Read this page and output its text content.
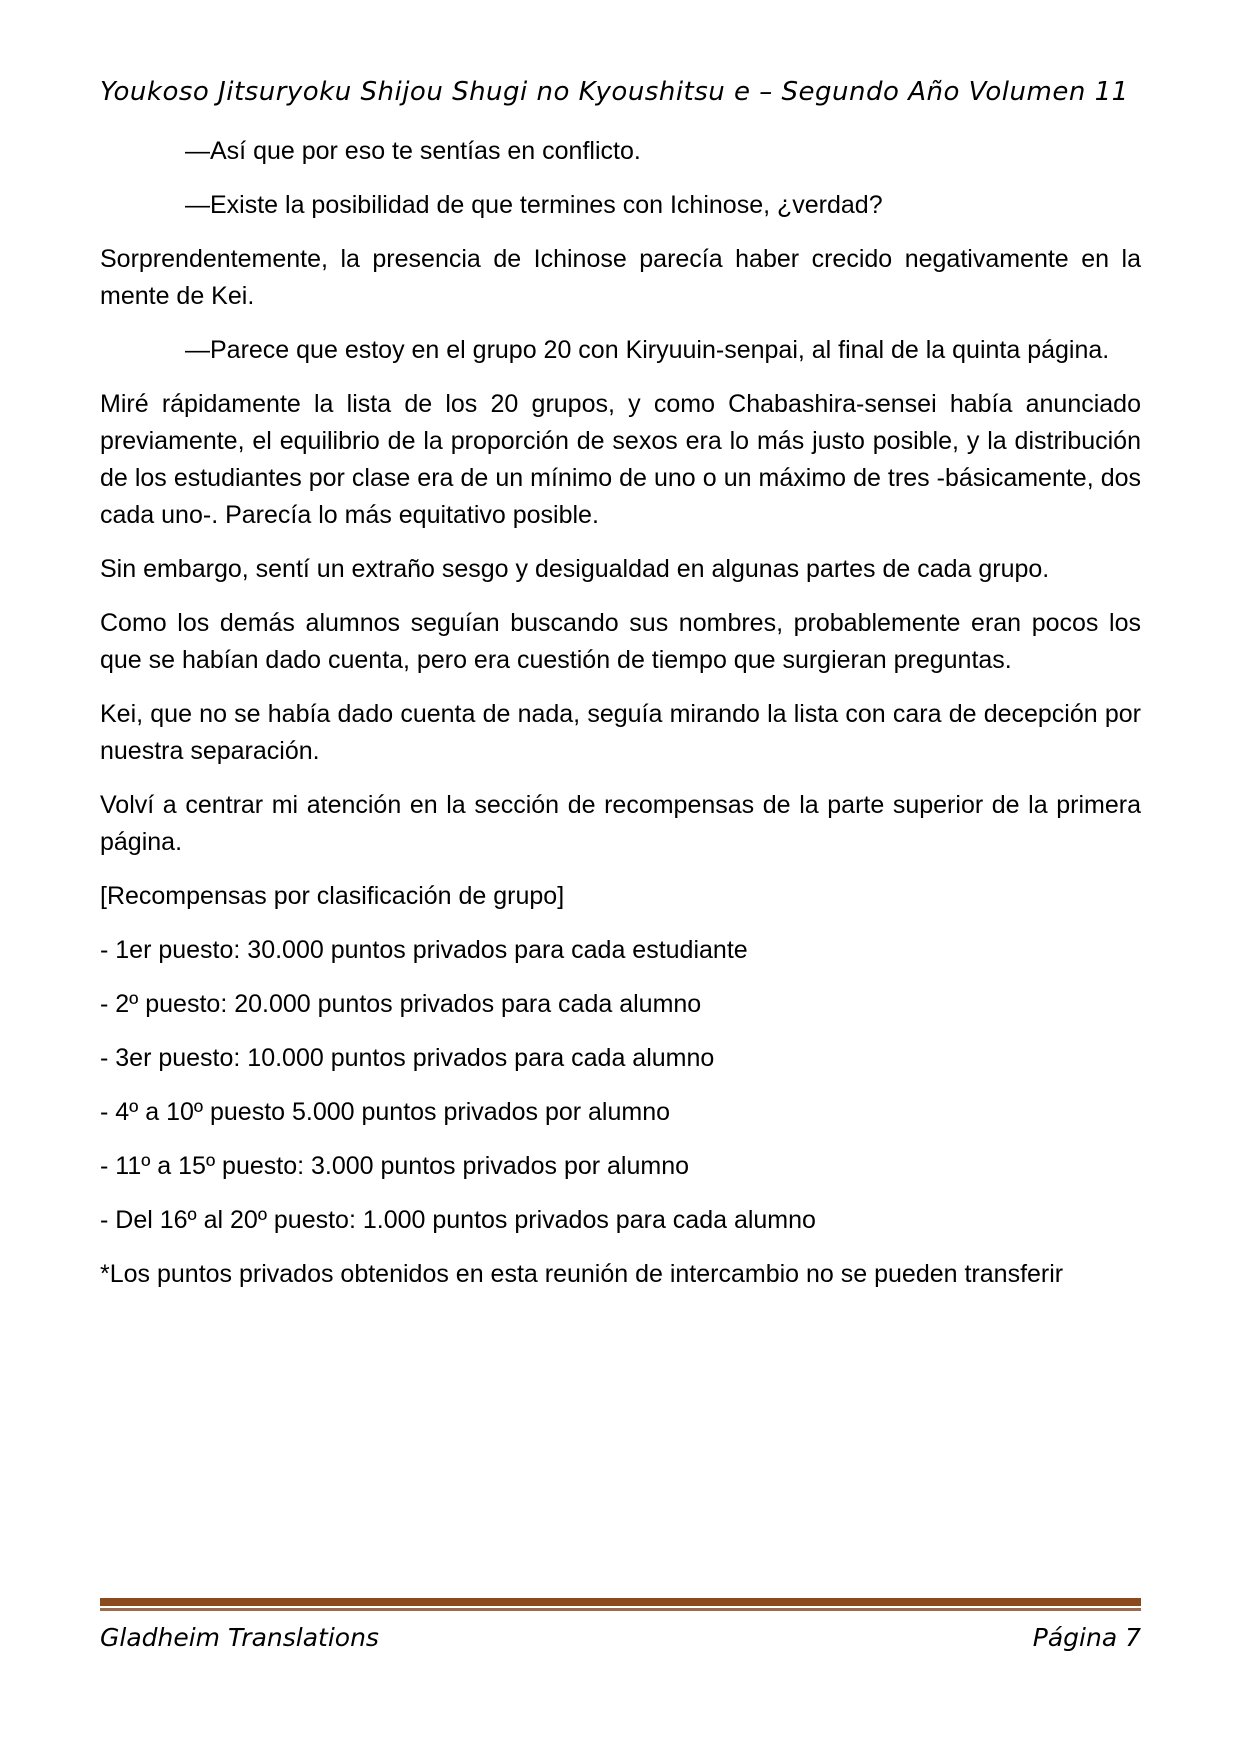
Youkoso Jitsuryoku Shijou Shugi no Kyoushitsu e – Segundo Año Volumen 11

—Así que por eso te sentías en conflicto.

—Existe la posibilidad de que termines con Ichinose, ¿verdad?

Sorprendentemente, la presencia de Ichinose parecía haber crecido negativamente en la mente de Kei.

—Parece que estoy en el grupo 20 con Kiryuuin-senpai, al final de la quinta página.

Miré rápidamente la lista de los 20 grupos, y como Chabashira-sensei había anunciado previamente, el equilibrio de la proporción de sexos era lo más justo posible, y la distribución de los estudiantes por clase era de un mínimo de uno o un máximo de tres -básicamente, dos cada uno-. Parecía lo más equitativo posible.

Sin embargo, sentí un extraño sesgo y desigualdad en algunas partes de cada grupo.

Como los demás alumnos seguían buscando sus nombres, probablemente eran pocos los que se habían dado cuenta, pero era cuestión de tiempo que surgieran preguntas.

Kei, que no se había dado cuenta de nada, seguía mirando la lista con cara de decepción por nuestra separación.

Volví a centrar mi atención en la sección de recompensas de la parte superior de la primera página.

[Recompensas por clasificación de grupo]

- 1er puesto: 30.000 puntos privados para cada estudiante

- 2º puesto: 20.000 puntos privados para cada alumno

- 3er puesto: 10.000 puntos privados para cada alumno

- 4º a 10º puesto 5.000 puntos privados por alumno

- 11º a 15º puesto: 3.000 puntos privados por alumno

- Del 16º al 20º puesto: 1.000 puntos privados para cada alumno

*Los puntos privados obtenidos en esta reunión de intercambio no se pueden transferir

Gladheim Translations	Página 7
